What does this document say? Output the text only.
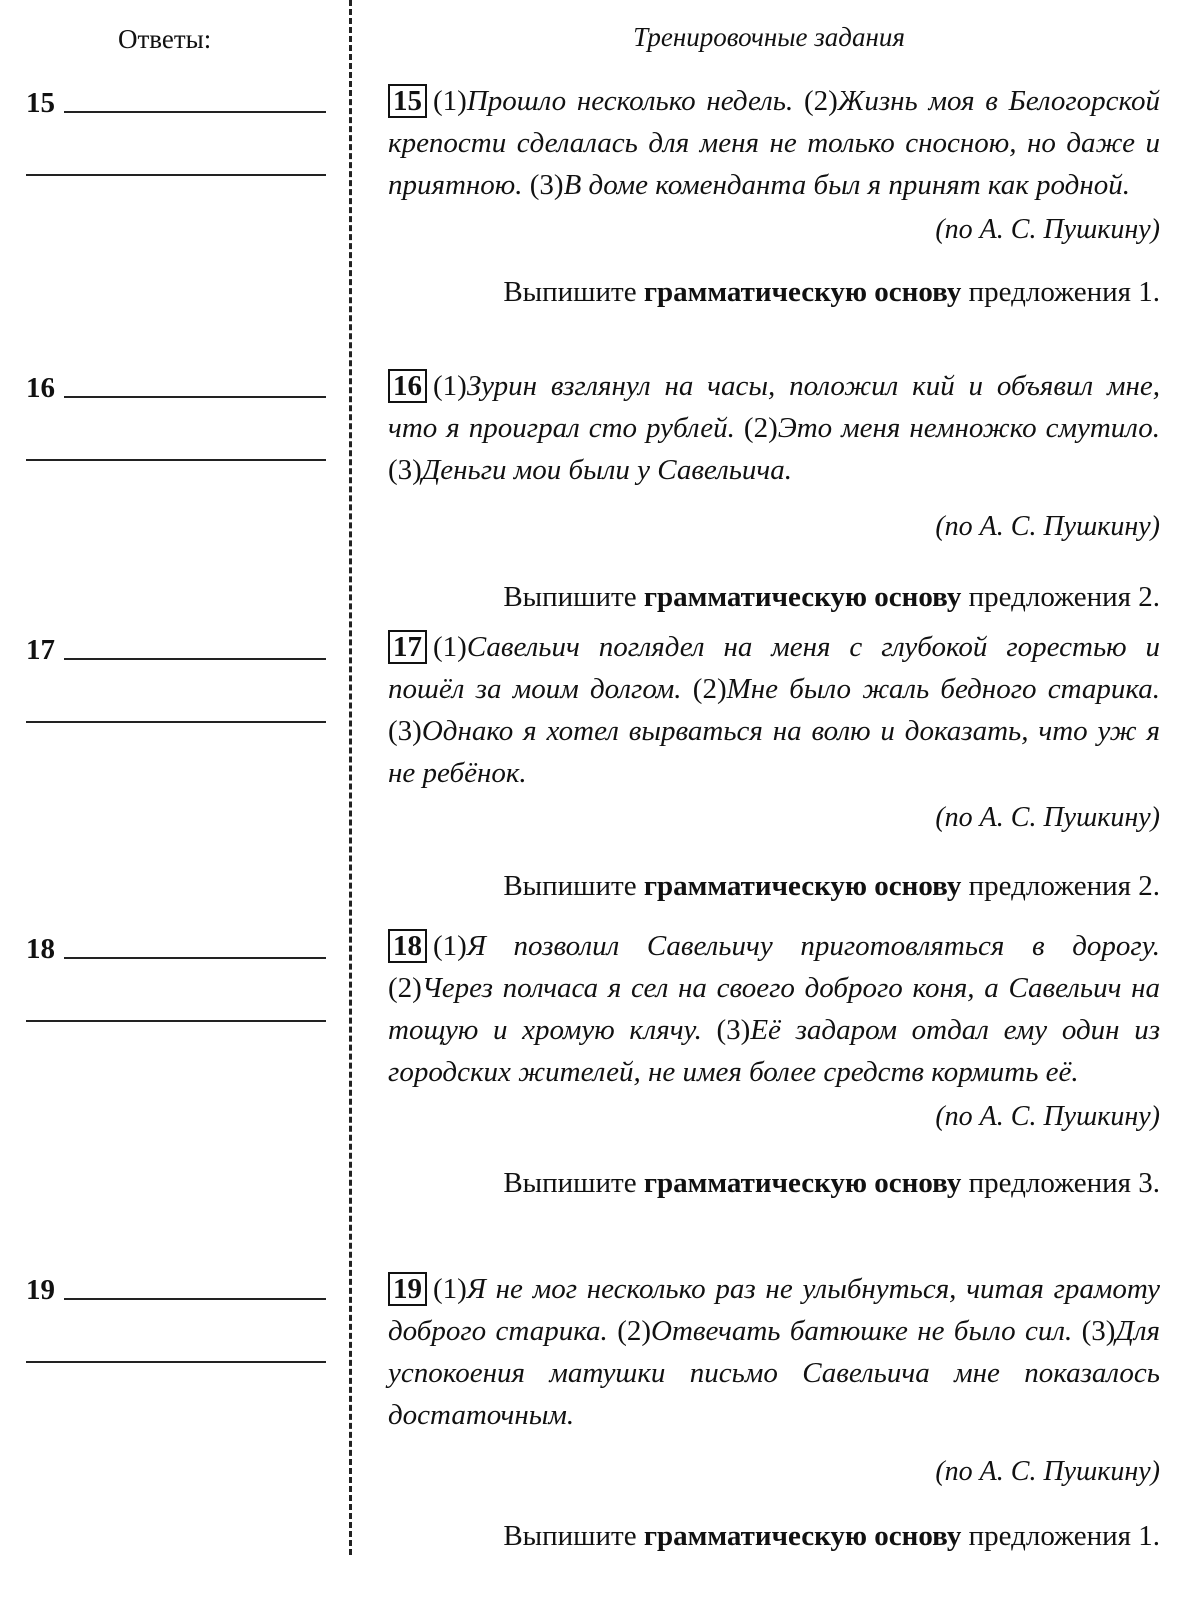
Ответы:	Тренировочные задания
15
16
17
18
19

15 (1)Прошло несколько недель. (2)Жизнь моя в Белогорской крепости сделалась для меня не только сносною, но даже и приятною. (3)В доме коменданта был я принят как родной.

(по А. С. Пушкину)
Выпишите грамматическую основу предложения 1.

16 (1)Зурин взглянул на часы, положил кий и объявил мне, что я проиграл сто рублей. (2)Это меня немножко смутило. (3)Деньги мои были у Савельича.

(по А. С. Пушкину)
Выпишите грамматическую основу предложения 2.

17 (1)Савельич поглядел на меня с глубокой горестью и пошёл за моим долгом. (2)Мне было жаль бедного старика. (3)Однако я хотел вырваться на волю и доказать, что уж я не ребёнок.

(по А. С. Пушкину)
Выпишите грамматическую основу предложения 2.

18 (1)Я позволил Савельичу приготовляться в дорогу. (2)Через полчаса я сел на своего доброго коня, а Савельич на тощую и хромую клячу. (3)Её задаром отдал ему один из городских жителей, не имея более средств кормить её.

(по А. С. Пушкину)
Выпишите грамматическую основу предложения 3.

19 (1)Я не мог несколько раз не улыбнуться, читая грамоту доброго старика. (2)Отвечать батюшке не было сил. (3)Для успокоения матушки письмо Савельича мне показалось достаточным.

(по А. С. Пушкину)
Выпишите грамматическую основу предложения 1.
